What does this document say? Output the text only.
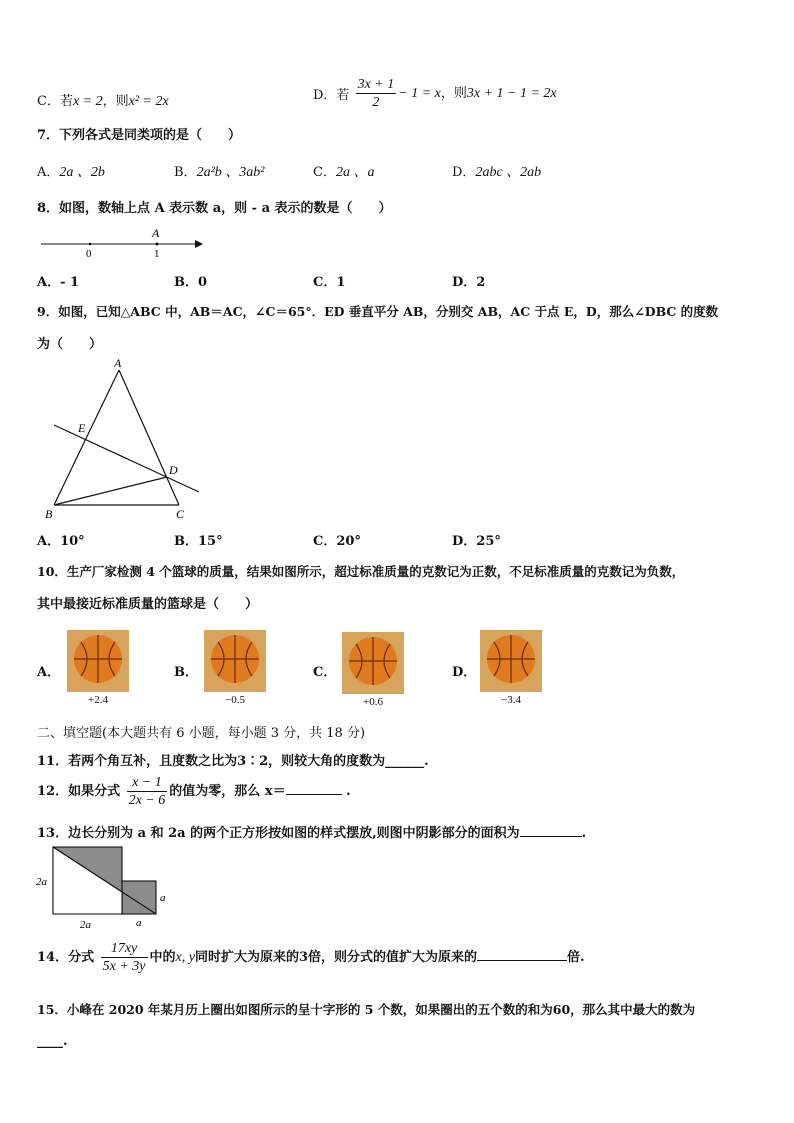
C．若x = 2，则x² = 2x	D．若 $\frac{3x + 1}{2} - 1 = x$，则3x + 1 − 1 = 2x
7．下列各式是同类项的是（　　）
A．2a 、2b	B．2a²b 、3ab²	C．2a 、a	D．2abc 、2ab
8．如图，数轴上点 A 表示数 a，则 - a 表示的数是（　　）
A
0	1
A．- 1	B．0	C．1	D．2
9．如图，已知△ABC 中，AB＝AC，∠C＝65°．ED 垂直平分 AB，分别交 AB，AC 于点 E，D，那么∠DBC 的度数
为（　　）
A
E
D
B	C
A．10°	B．15°	C．20°	D．25°
10．生产厂家检测 4 个篮球的质量，结果如图所示，超过标准质量的克数记为正数，不足标准质量的克数记为负数，
其中最接近标准质量的篮球是（　　）
A．
+2.4
B．
−0.5
C．
+0.6
D．
−3.4
二、填空题(本大题共有 6 小题，每小题 3 分，共 18 分)
11．若两个角互补，且度数之比为3∶2，则较大角的度数为______.
12．如果分式 $\frac{x - 1}{2x - 6}$ 的值为零，那么 x＝	.
13．边长分别为 a 和 2a 的两个正方形按如图的样式摆放,则图中阴影部分的面积为	.
2a
2a	a
a
14．分式 $\frac{17xy}{5x + 3y}$ 中的x, y同时扩大为原来的3倍，则分式的值扩大为原来的	倍.
15．小峰在 2020 年某月历上圈出如图所示的呈十字形的 5 个数，如果圈出的五个数的和为60，那么其中最大的数为
____.
